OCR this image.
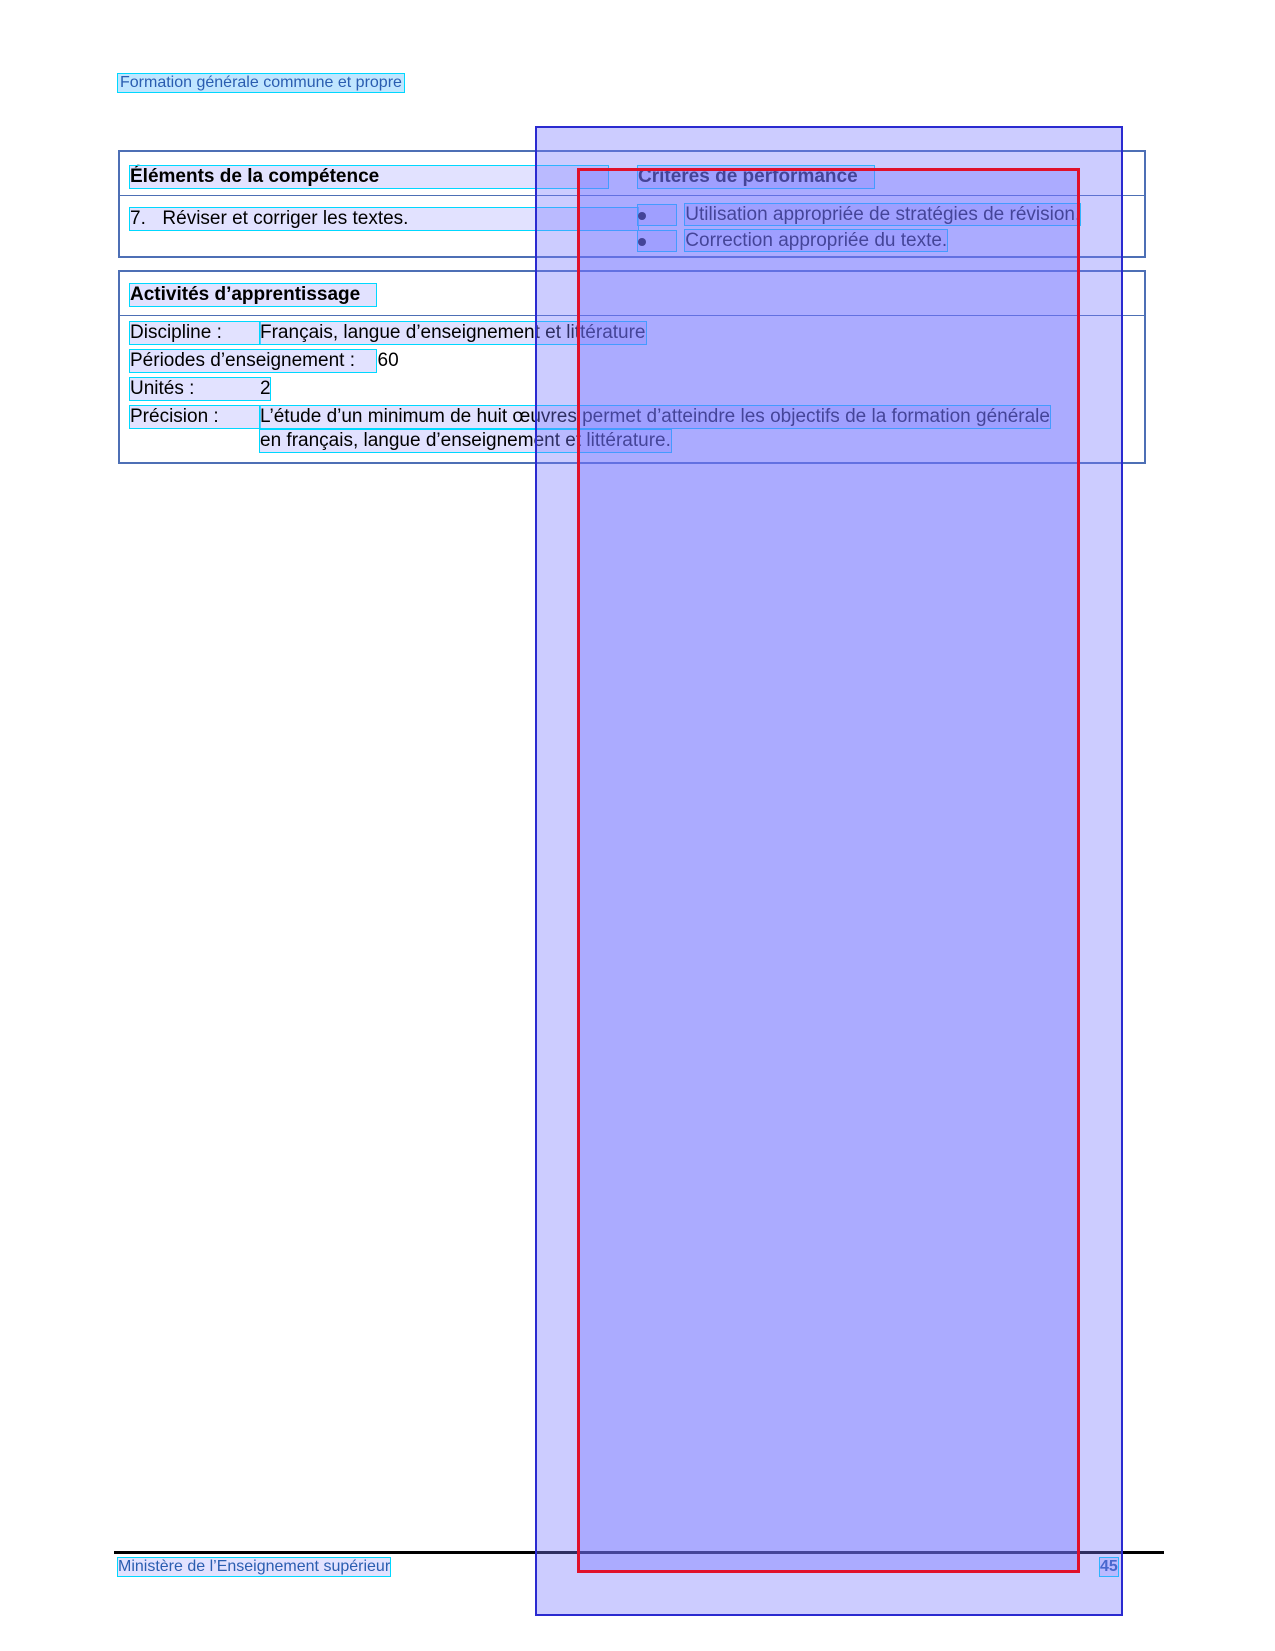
Formation générale commune et propre
Éléments de la compétence	Critères de performance
7. Réviser et corriger les textes.	Utilisation appropriée de stratégies de révision.
Correction appropriée du texte.
Activités d’apprentissage
Discipline :	Français, langue d’enseignement et littérature
Périodes d’enseignement : 60
Unités :	2
Précision :	L’étude d’un minimum de huit œuvres permet d’atteindre les objectifs de la formation générale
en français, langue d’enseignement et littérature.
Ministère de l’Enseignement supérieur	45
